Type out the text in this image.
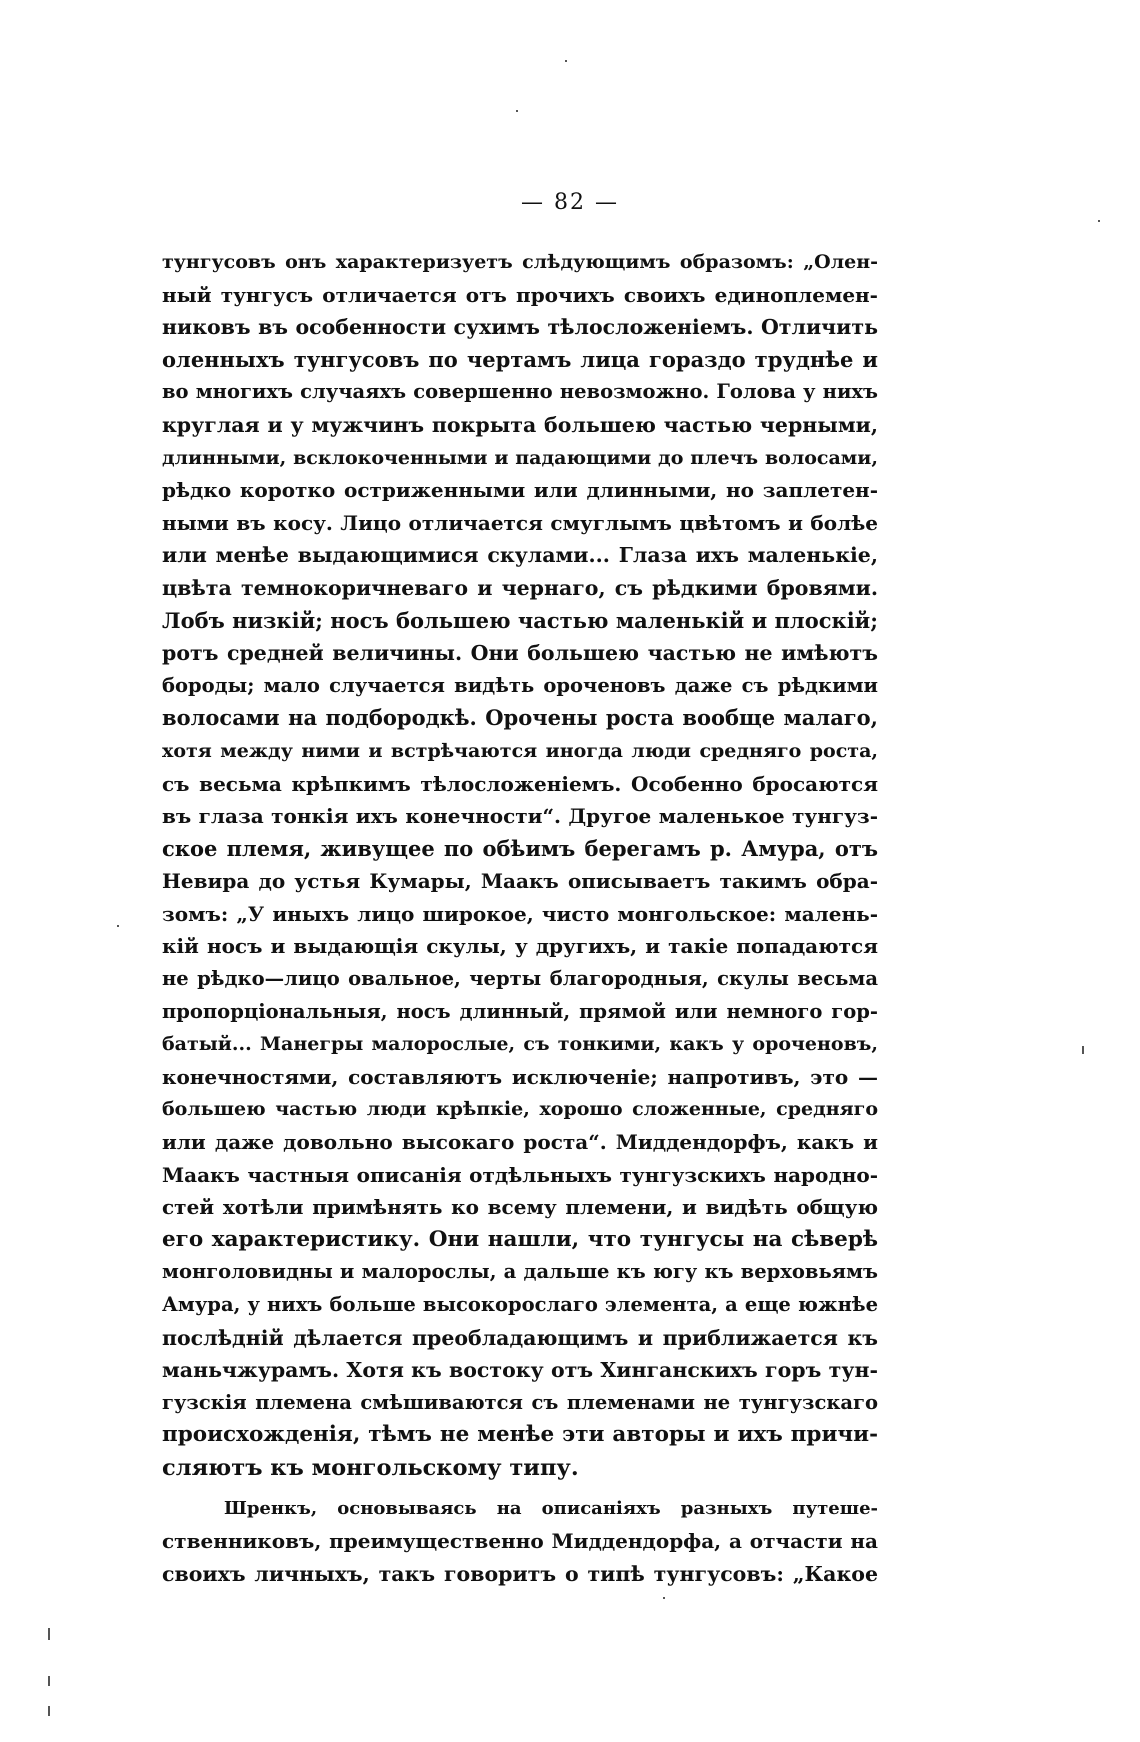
— 82 —
тунгусовъ онъ характеризуетъ слѣдующимъ образомъ: „Олен-
ный тунгусъ отличается отъ прочихъ своихъ единоплемен-
никовъ въ особенности сухимъ тѣлосложеніемъ. Отличить
оленныхъ тунгусовъ по чертамъ лица гораздо труднѣе и
во многихъ случаяхъ совершенно невозможно. Голова у нихъ
круглая и у мужчинъ покрыта большею частью черными,
длинными, всклокоченными и падающими до плечъ волосами,
рѣдко коротко остриженными или длинными, но заплетен-
ными въ косу. Лицо отличается смуглымъ цвѣтомъ и болѣе
или менѣе выдающимися скулами... Глаза ихъ маленькіе,
цвѣта темнокоричневаго и чернаго, съ рѣдкими бровями.
Лобъ низкій; носъ большею частью маленькій и плоскій;
ротъ средней величины. Они большею частью не имѣютъ
бороды; мало случается видѣть ороченовъ даже съ рѣдкими
волосами на подбородкѣ. Орочены роста вообще малаго,
хотя между ними и встрѣчаются иногда люди средняго роста,
съ весьма крѣпкимъ тѣлосложеніемъ. Особенно бросаются
въ глаза тонкія ихъ конечности“. Другое маленькое тунгуз-
ское племя, живущее по обѣимъ берегамъ р. Амура, отъ
Невира до устья Кумары, Маакъ описываетъ такимъ обра-
зомъ: „У иныхъ лицо широкое, чисто монгольское: малень-
кій носъ и выдающія скулы, у другихъ, и такіе попадаются
не рѣдко—лицо овальное, черты благородныя, скулы весьма
пропорціональныя, носъ длинный, прямой или немного гор-
батый... Манегры малорослые, съ тонкими, какъ у ороченовъ,
конечностями, составляютъ исключеніе; напротивъ, это —
большею частью люди крѣпкіе, хорошо сложенные, средняго
или даже довольно высокаго роста“. Миддендорфъ, какъ и
Маакъ частныя описанія отдѣльныхъ тунгузскихъ народно-
стей хотѣли примѣнять ко всему племени, и видѣть общую
его характеристику. Они нашли, что тунгусы на сѣверѣ
монголовидны и малорослы, а дальше къ югу къ верховьямъ
Амура, у нихъ больше высокорослаго элемента, а еще южнѣе
послѣдній дѣлается преобладающимъ и приближается къ
маньчжурамъ. Хотя къ востоку отъ Хинганскихъ горъ тун-
гузскія племена смѣшиваются съ племенами не тунгузскаго
происхожденія, тѣмъ не менѣе эти авторы и ихъ причи-
сляютъ къ монгольскому типу.
Шренкъ, основываясь на описаніяхъ разныхъ путеше-
ственниковъ, преимущественно Миддендорфа, а отчасти на
своихъ личныхъ, такъ говоритъ о типѣ тунгусовъ: „Какое
